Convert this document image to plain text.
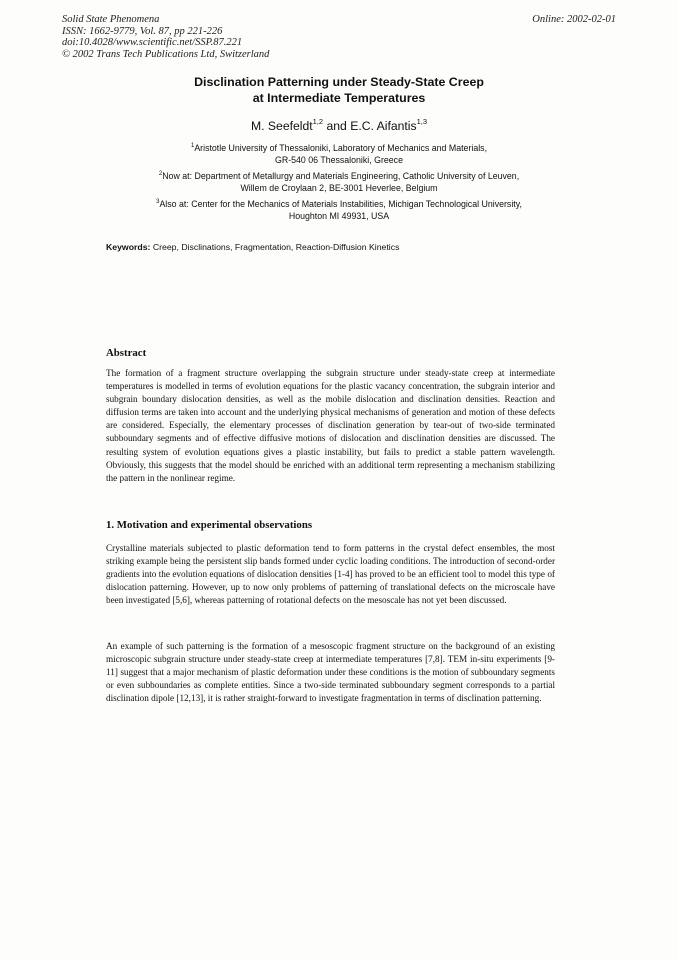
Solid State Phenomena
ISSN: 1662-9779, Vol. 87, pp 221-226
doi:10.4028/www.scientific.net/SSP.87.221
© 2002 Trans Tech Publications Ltd, Switzerland
Online: 2002-02-01
Disclination Patterning under Steady-State Creep
at Intermediate Temperatures
M. Seefeldt$^{1,2}$ and E.C. Aifantis$^{1,3}$
$^1$Aristotle University of Thessaloniki, Laboratory of Mechanics and Materials,
GR-540 06 Thessaloniki, Greece
$^2$Now at: Department of Metallurgy and Materials Engineering, Catholic University of Leuven,
Willem de Croylaan 2, BE-3001 Heverlee, Belgium
$^3$Also at: Center for the Mechanics of Materials Instabilities, Michigan Technological University,
Houghton MI 49931, USA
Keywords: Creep, Disclinations, Fragmentation, Reaction-Diffusion Kinetics
Abstract
The formation of a fragment structure overlapping the subgrain structure under steady-state creep at intermediate temperatures is modelled in terms of evolution equations for the plastic vacancy concentration, the subgrain interior and subgrain boundary dislocation densities, as well as the mobile dislocation and disclination densities. Reaction and diffusion terms are taken into account and the underlying physical mechanisms of generation and motion of these defects are considered. Especially, the elementary processes of disclination generation by tear-out of two-side terminated subboundary segments and of effective diffusive motions of dislocation and disclination densities are discussed. The resulting system of evolution equations gives a plastic instability, but fails to predict a stable pattern wavelength. Obviously, this suggests that the model should be enriched with an additional term representing a mechanism stabilizing the pattern in the nonlinear regime.
1. Motivation and experimental observations
Crystalline materials subjected to plastic deformation tend to form patterns in the crystal defect ensembles, the most striking example being the persistent slip bands formed under cyclic loading conditions. The introduction of second-order gradients into the evolution equations of dislocation densities [1-4] has proved to be an efficient tool to model this type of dislocation patterning. However, up to now only problems of patterning of translational defects on the microscale have been investigated [5,6], whereas patterning of rotational defects on the mesoscale has not yet been discussed.
An example of such patterning is the formation of a mesoscopic fragment structure on the background of an existing microscopic subgrain structure under steady-state creep at intermediate temperatures [7,8]. TEM in-situ experiments [9-11] suggest that a major mechanism of plastic deformation under these conditions is the motion of subboundary segments or even subboundaries as complete entities. Since a two-side terminated subboundary segment corresponds to a partial disclination dipole [12,13], it is rather straight-forward to investigate fragmentation in terms of disclination patterning.
